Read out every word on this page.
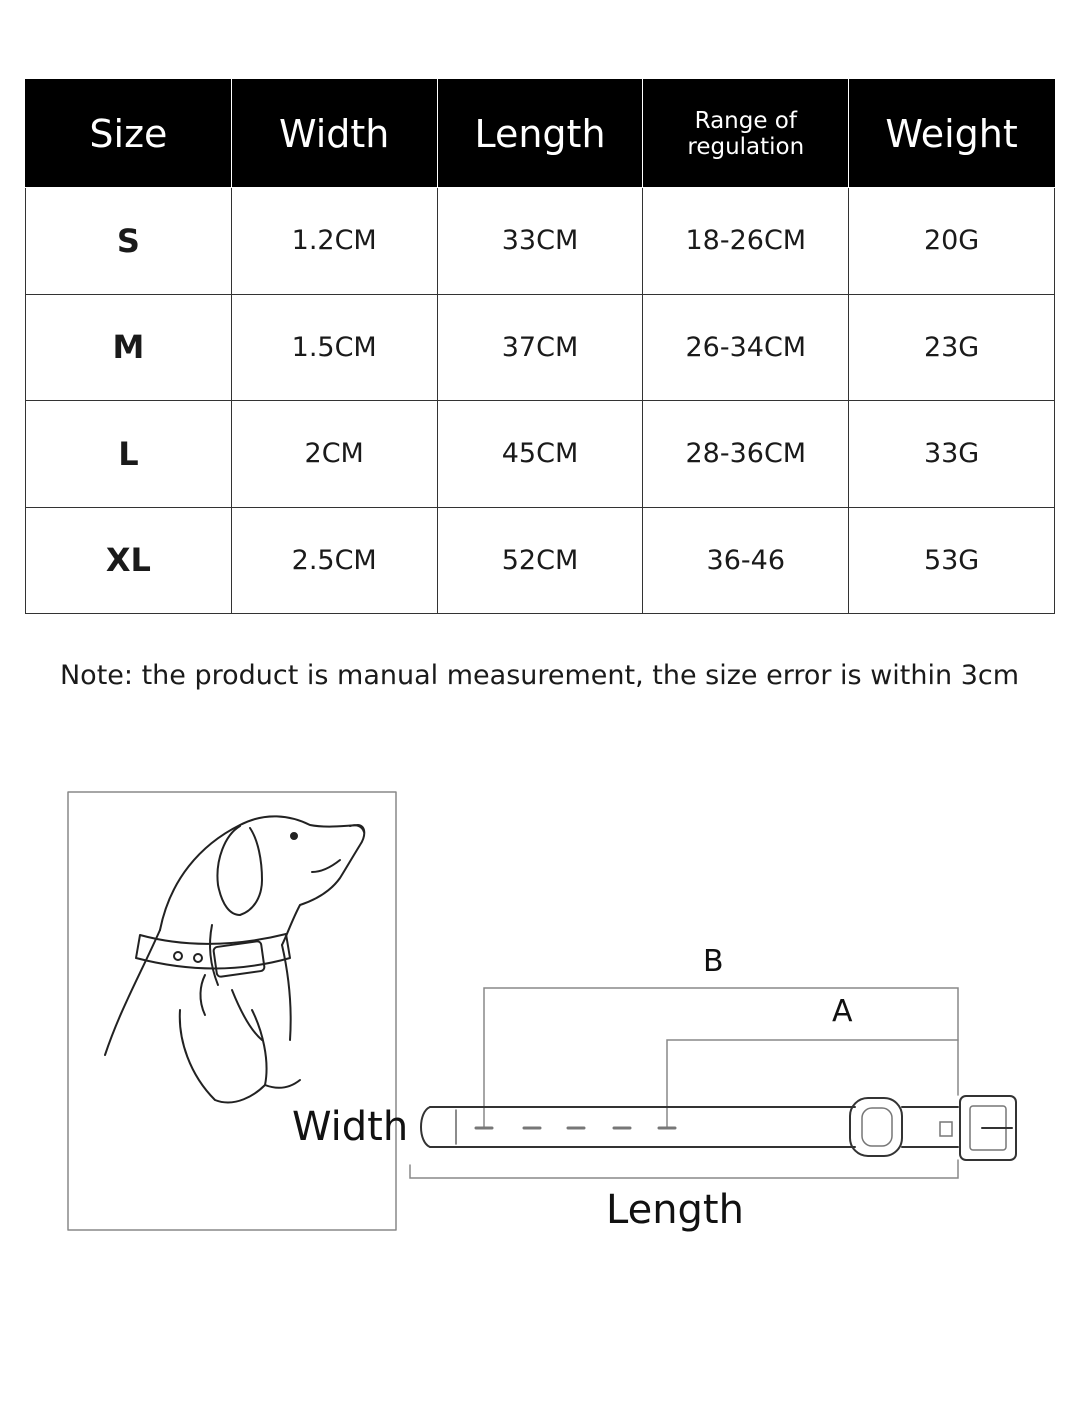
Size	Width	Length	Range of regulation	Weight
S	1.2CM	33CM	18-26CM	20G
M	1.5CM	37CM	26-34CM	23G
L	2CM	45CM	28-36CM	33G
XL	2.5CM	52CM	36-46	53G
Note: the product is manual measurement, the size error is within 3cm
B
A
Width
Length
